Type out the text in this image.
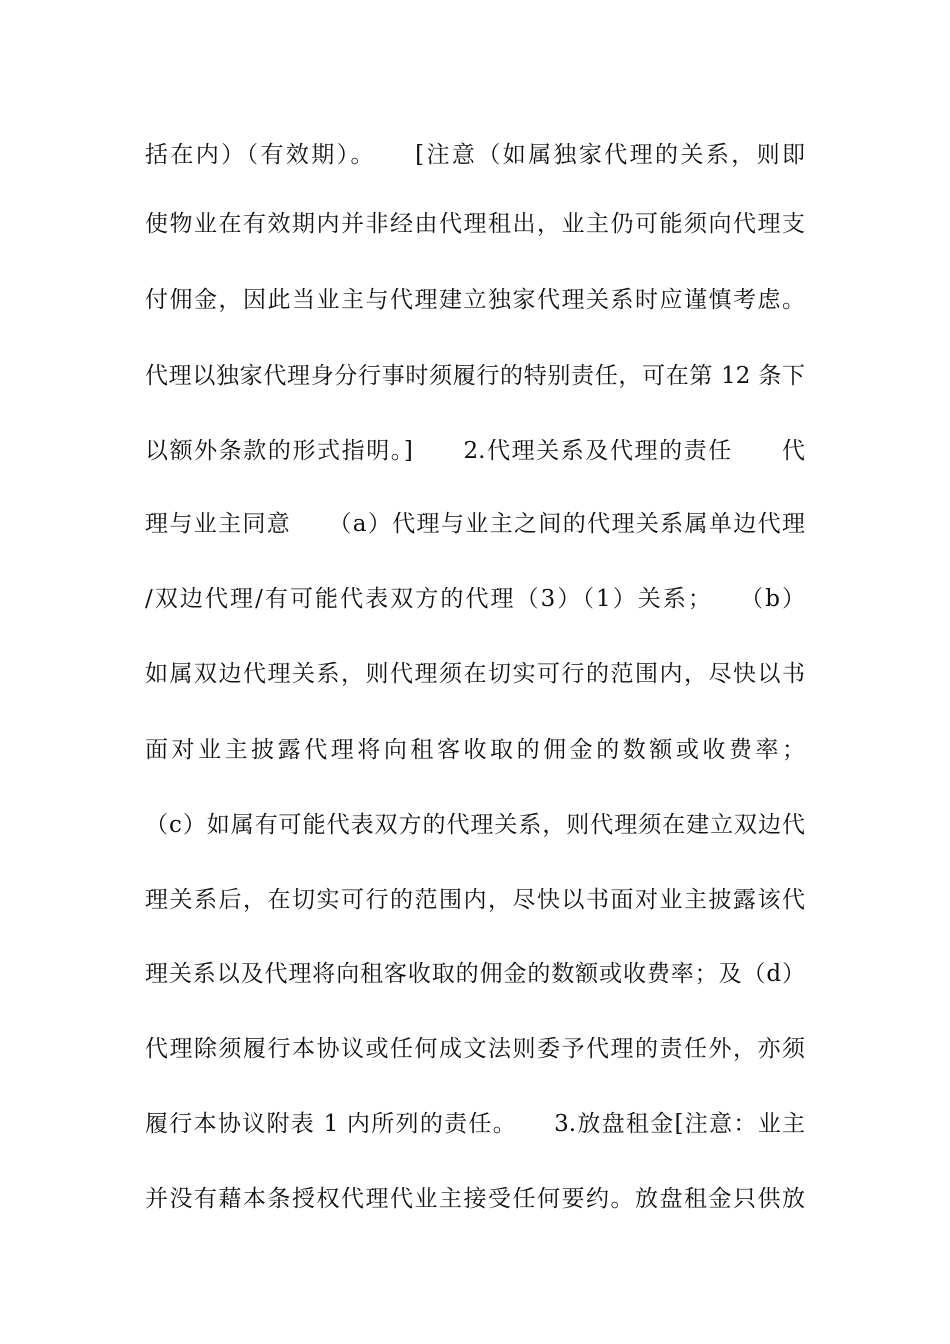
括在内）（有效期）。　　[注意（如属独家代理的关系，则即
使物业在有效期内并非经由代理租出，业主仍可能须向代理支
付佣金，因此当业主与代理建立独家代理关系时应谨慎考虑。
代理以独家代理身分行事时须履行的特别责任，可在第 12 条下
以额外条款的形式指明。]　　2.代理关系及代理的责任　　代
理与业主同意　　（a）代理与业主之间的代理关系属单边代理
/双边代理/有可能代表双方的代理（3）（1）关系；　　（b）
如属双边代理关系，则代理须在切实可行的范围内，尽快以书
面对业主披露代理将向租客收取的佣金的数额或收费率；
（c）如属有可能代表双方的代理关系，则代理须在建立双边代
理关系后，在切实可行的范围内，尽快以书面对业主披露该代
理关系以及代理将向租客收取的佣金的数额或收费率；及（d）
代理除须履行本协议或任何成文法则委予代理的责任外，亦须
履行本协议附表 1 内所列的责任。　　3.放盘租金[注意：业主
并没有藉本条授权代理代业主接受任何要约。放盘租金只供放
